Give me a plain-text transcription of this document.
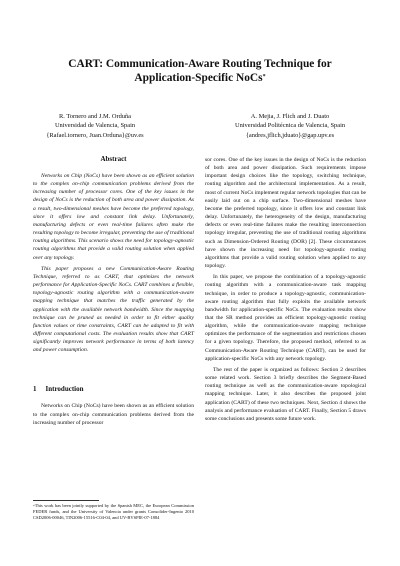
CART: Communication-Aware Routing Technique for
Application-Specific NoCs*
R. Tornero and J.M. Orduña
Universidad de Valencia, Spain
{Rafael.tornero, Juan.Orduna}@uv.es
A. Mejia, J. Flich and J. Duato
Universidad Politécnica de Valencia, Spain
{andres,jflich,jduato}@gap.upv.es
Abstract

Networks on Chip (NoCs) have been shown as an efficient solution to the complex on-chip communication problems derived from the increasing number of processor cores. One of the key issues in the design of NoCs is the reduction of both area and power dissipation. As a result, two-dimensional meshes have become the preferred topology, since it offers low and constant link delay. Unfortunately, manufacturing defects or even real-time failures often make the resulting topology to become irregular, preventing the use of traditional routing algorithms. This scenario shows the need for topology-agnostic routing algorithms that provide a valid routing solution when applied over any topology.

This paper proposes a new Communication-Aware Routing Technique, referred to as CART, that optimizes the network performance for Application-Specific NoCs. CART combines a flexible, topology-agnostic routing algorithm with a communication-aware mapping technique that matches the traffic generated by the application with the available network bandwidth. Since the mapping technique can be pruned as needed in order to fit either quality function values or time constraints, CART can be adapted to fit with different computational costs. The evaluation results show that CART significantly improves network performance in terms of both latency and power consumption.

1 Introduction

Networks on Chip (NoCs) have been shown as an efficient solution to the complex on-chip communication problems derived from the increasing number of processor

*This work has been jointly supported by the Spanish MEC, the European Commission FEDER funds, and the University of Valencia under grants Consolider-Ingenio 2010 CSD2006-00046, TIN2006-15516-C04-04, and UV-BVSPIE-07-1884

sor cores. One of the key issues in the design of NoCs is the reduction of both area and power dissipation. Such requirements impose important design choices like the topology, switching technique, routing algorithm and the architectural implementation. As a result, most of current NoCs implement regular network topologies that can be easily laid out on a chip surface. Two-dimensional meshes have become the preferred topology, since it offers low and constant link delay. Unfortunately, the heterogeneity of the design, manufacturing defects or even real-time failures make the resulting interconnection topology irregular, preventing the use of traditional routing algorithms such as Dimension-Ordered Routing (DOR) [2]. These circumstances have shown the increasing need for topology-agnostic routing algorithms that provide a valid routing solution when applied to any topology.

In this paper, we propose the combination of a topology-agnostic routing algorithm with a communication-aware task mapping technique, in order to produce a topology-agnostic, communication-aware routing algorithm that fully exploits the available network bandwidth for application-specific NoCs. The evaluation results show that the SR method provides an efficient topology-agnostic routing algorithm, while the communication-aware mapping technique optimizes the performance of the segmentation and restrictions chosen for a given topology. Therefore, the proposed method, referred to as Communication-Aware Routing Technique (CART), can be used for application-specific NoCs with any network topology.

The rest of the paper is organized as follows: Section 2 describes some related work. Section 3 briefly describes the Segment-Based routing technique as well as the communication-aware topological mapping technique. Later, it also describes the proposed joint application (CART) of these two techniques. Next, Section 4 shows the analysis and performance evaluation of CART. Finally, Section 5 draws some conclusions and presents some future work.
